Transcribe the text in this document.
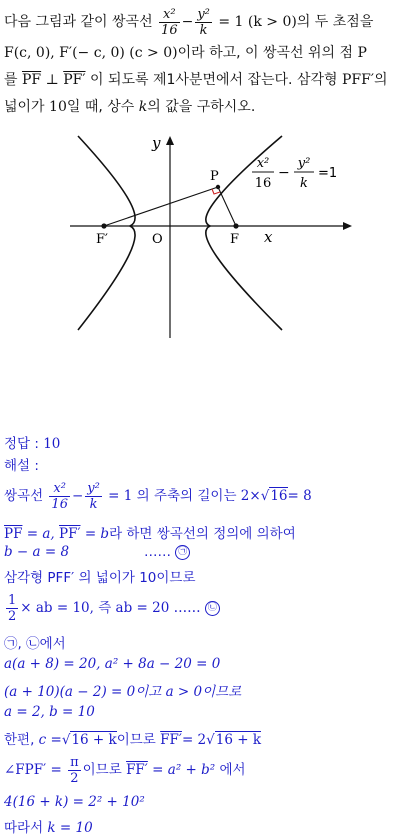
다음 그림과 같이 쌍곡선 $\frac{\text{x²}}{16} - \frac{\text{y²}}{k} = 1$ (k > 0)의 두 초점을
F(c, 0), F′(− c, 0) (c > 0)이라 하고, 이 쌍곡선 위의 점 P
를 $\overline{PF}$ ⊥ PF′ 이 되도록 제1사분면에서 잡는다. 삼각형 PFF′의
넓이가 10일 때, 상수 k의 값을 구하시오.
y
x
O	F
F′
P
x²
16
−
y²
k
=1
정답 : 10
해설 :
쌍곡선 $\frac{\text{x²}}{16} - \frac{\text{y²}}{k} = 1$ 의 주축의 길이는 2×√16= 8
$\overline{PF} = a$, PF′ = b라 하면 쌍곡선의 정의에 의하여
b − a = 8	…… ㉠
삼각형 PFF′ 의 넓이가 10이므로
$\frac{1}{2}$ × ab = 10, 즉 ab = 20 …… ㉡
㉠, ㉡에서
a(a + 8) = 20, a² + 8a − 20 = 0
(a + 10)(a − 2) = 0이고 a > 0이므로
a = 2, b = 10
한편, c =√16 + k이므로 FF′= 2√16 + k
∠FPF′ = $\frac{\pi}{2}$ 이므로 FF′ = a² + b² 에서
4(16 + k) = 2² + 10²
따라서 k = 10
